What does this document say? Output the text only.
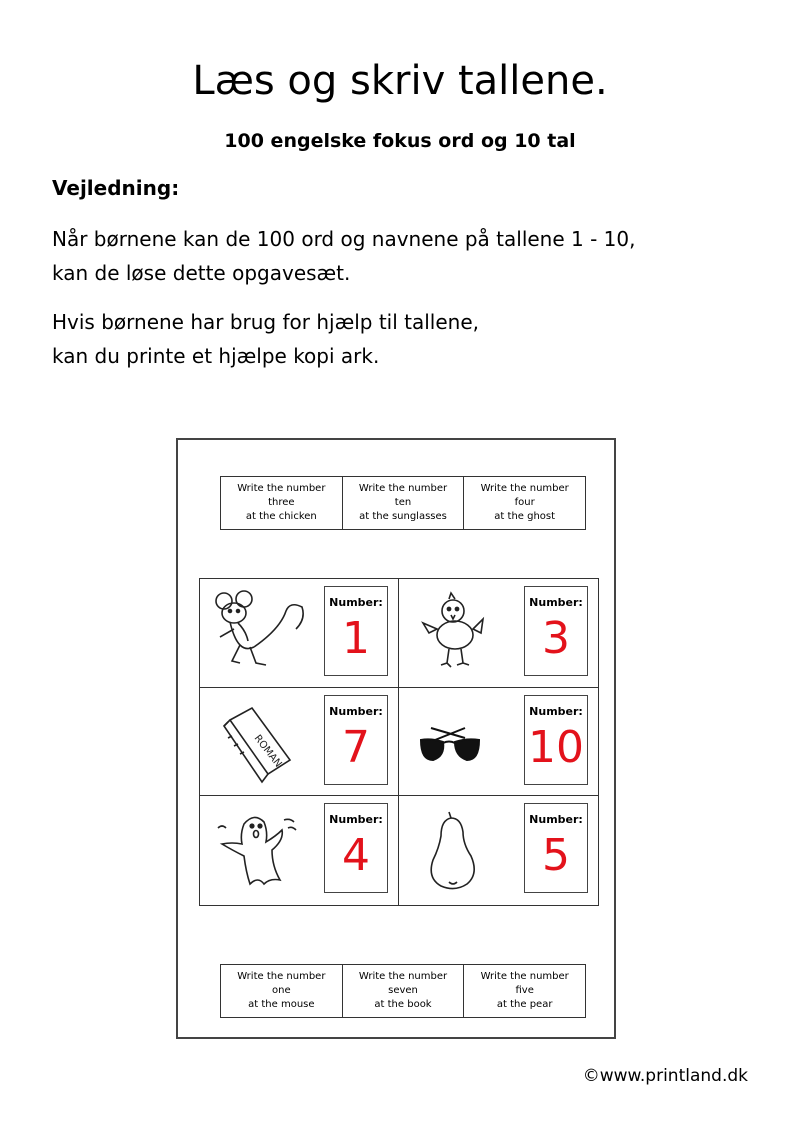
Læs og skriv tallene.
100 engelske fokus ord og 10 tal
Vejledning:

Når børnene kan de 100 ord og navnene på tallene 1 - 10,
kan de løse dette opgavesæt.

Hvis børnene har brug for hjælp til tallene,
kan du printe et hjælpe kopi ark.

Write the number
three
at the chicken
Write the number
ten
at the sunglasses
Write the number
four
at the ghost
Number:
1
Number:
3
ROMAN
Number:
7
Number:
10
Number:
4
Number:
5
Write the number
one
at the mouse
Write the number
seven
at the book
Write the number
five
at the pear

©www.printland.dk
